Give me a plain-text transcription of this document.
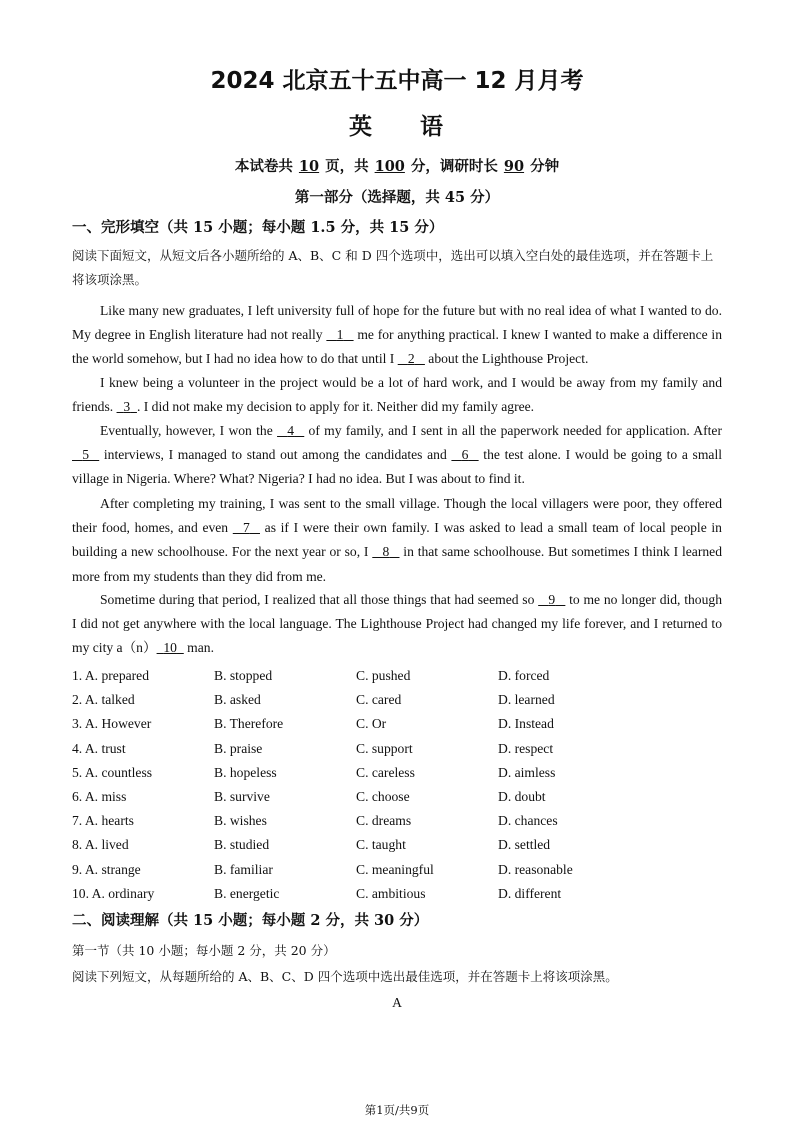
2024 北京五十五中高一 12 月月考
英 语
本试卷共 10 页，共 100 分，调研时长 90 分钟
第一部分（选择题，共 45 分）
一、完形填空（共 15 小题；每小题 1.5 分，共 15 分）
阅读下面短文，从短文后各小题所给的 A、B、C 和 D 四个选项中，选出可以填入空白处的最佳选项，并在答题卡上将该项涂黑。
Like many new graduates, I left university full of hope for the future but with no real idea of what I wanted to do. My degree in English literature had not really    1    me for anything practical. I knew I wanted to make a difference in the world somehow, but I had no idea how to do that until I    2    about the Lighthouse Project.
I knew being a volunteer in the project would be a lot of hard work, and I would be away from my family and friends.   3 . I did not make my decision to apply for it. Neither did my family agree.
Eventually, however, I won the    4    of my family, and I sent in all the paperwork needed for application. After    5    interviews, I managed to stand out among the candidates and    6    the test alone. I would be going to a small village in Nigeria. Where? What? Nigeria? I had no idea. But I was about to find it.
After completing my training, I was sent to the small village. Though the local villagers were poor, they offered their food, homes, and even    7    as if I were their own family. I was asked to lead a small team of local people in building a new schoolhouse. For the next year or so, I    8    in that same schoolhouse. But sometimes I think I learned more from my students than they did from me.
Sometime during that period, I realized that all those things that had seemed so    9    to me no longer did, though I did not get anywhere with the local language. The Lighthouse Project had changed my life forever, and I returned to my city a（n） 10   man.
1. A. prepared	B. stopped	C. pushed	D. forced
2. A. talked	B. asked	C. cared	D. learned
3. A. However	B. Therefore	C. Or	D. Instead
4. A. trust	B. praise	C. support	D. respect
5. A. countless	B. hopeless	C. careless	D. aimless
6. A. miss	B. survive	C. choose	D. doubt
7. A. hearts	B. wishes	C. dreams	D. chances
8. A. lived	B. studied	C. taught	D. settled
9. A. strange	B. familiar	C. meaningful	D. reasonable
10. A. ordinary	B. energetic	C. ambitious	D. different
二、阅读理解（共 15 小题；每小题 2 分，共 30 分）
第一节（共 10 小题；每小题 2 分，共 20 分）
阅读下列短文，从每题所给的 A、B、C、D 四个选项中选出最佳选项，并在答题卡上将该项涂黑。
A
第1页/共9页
